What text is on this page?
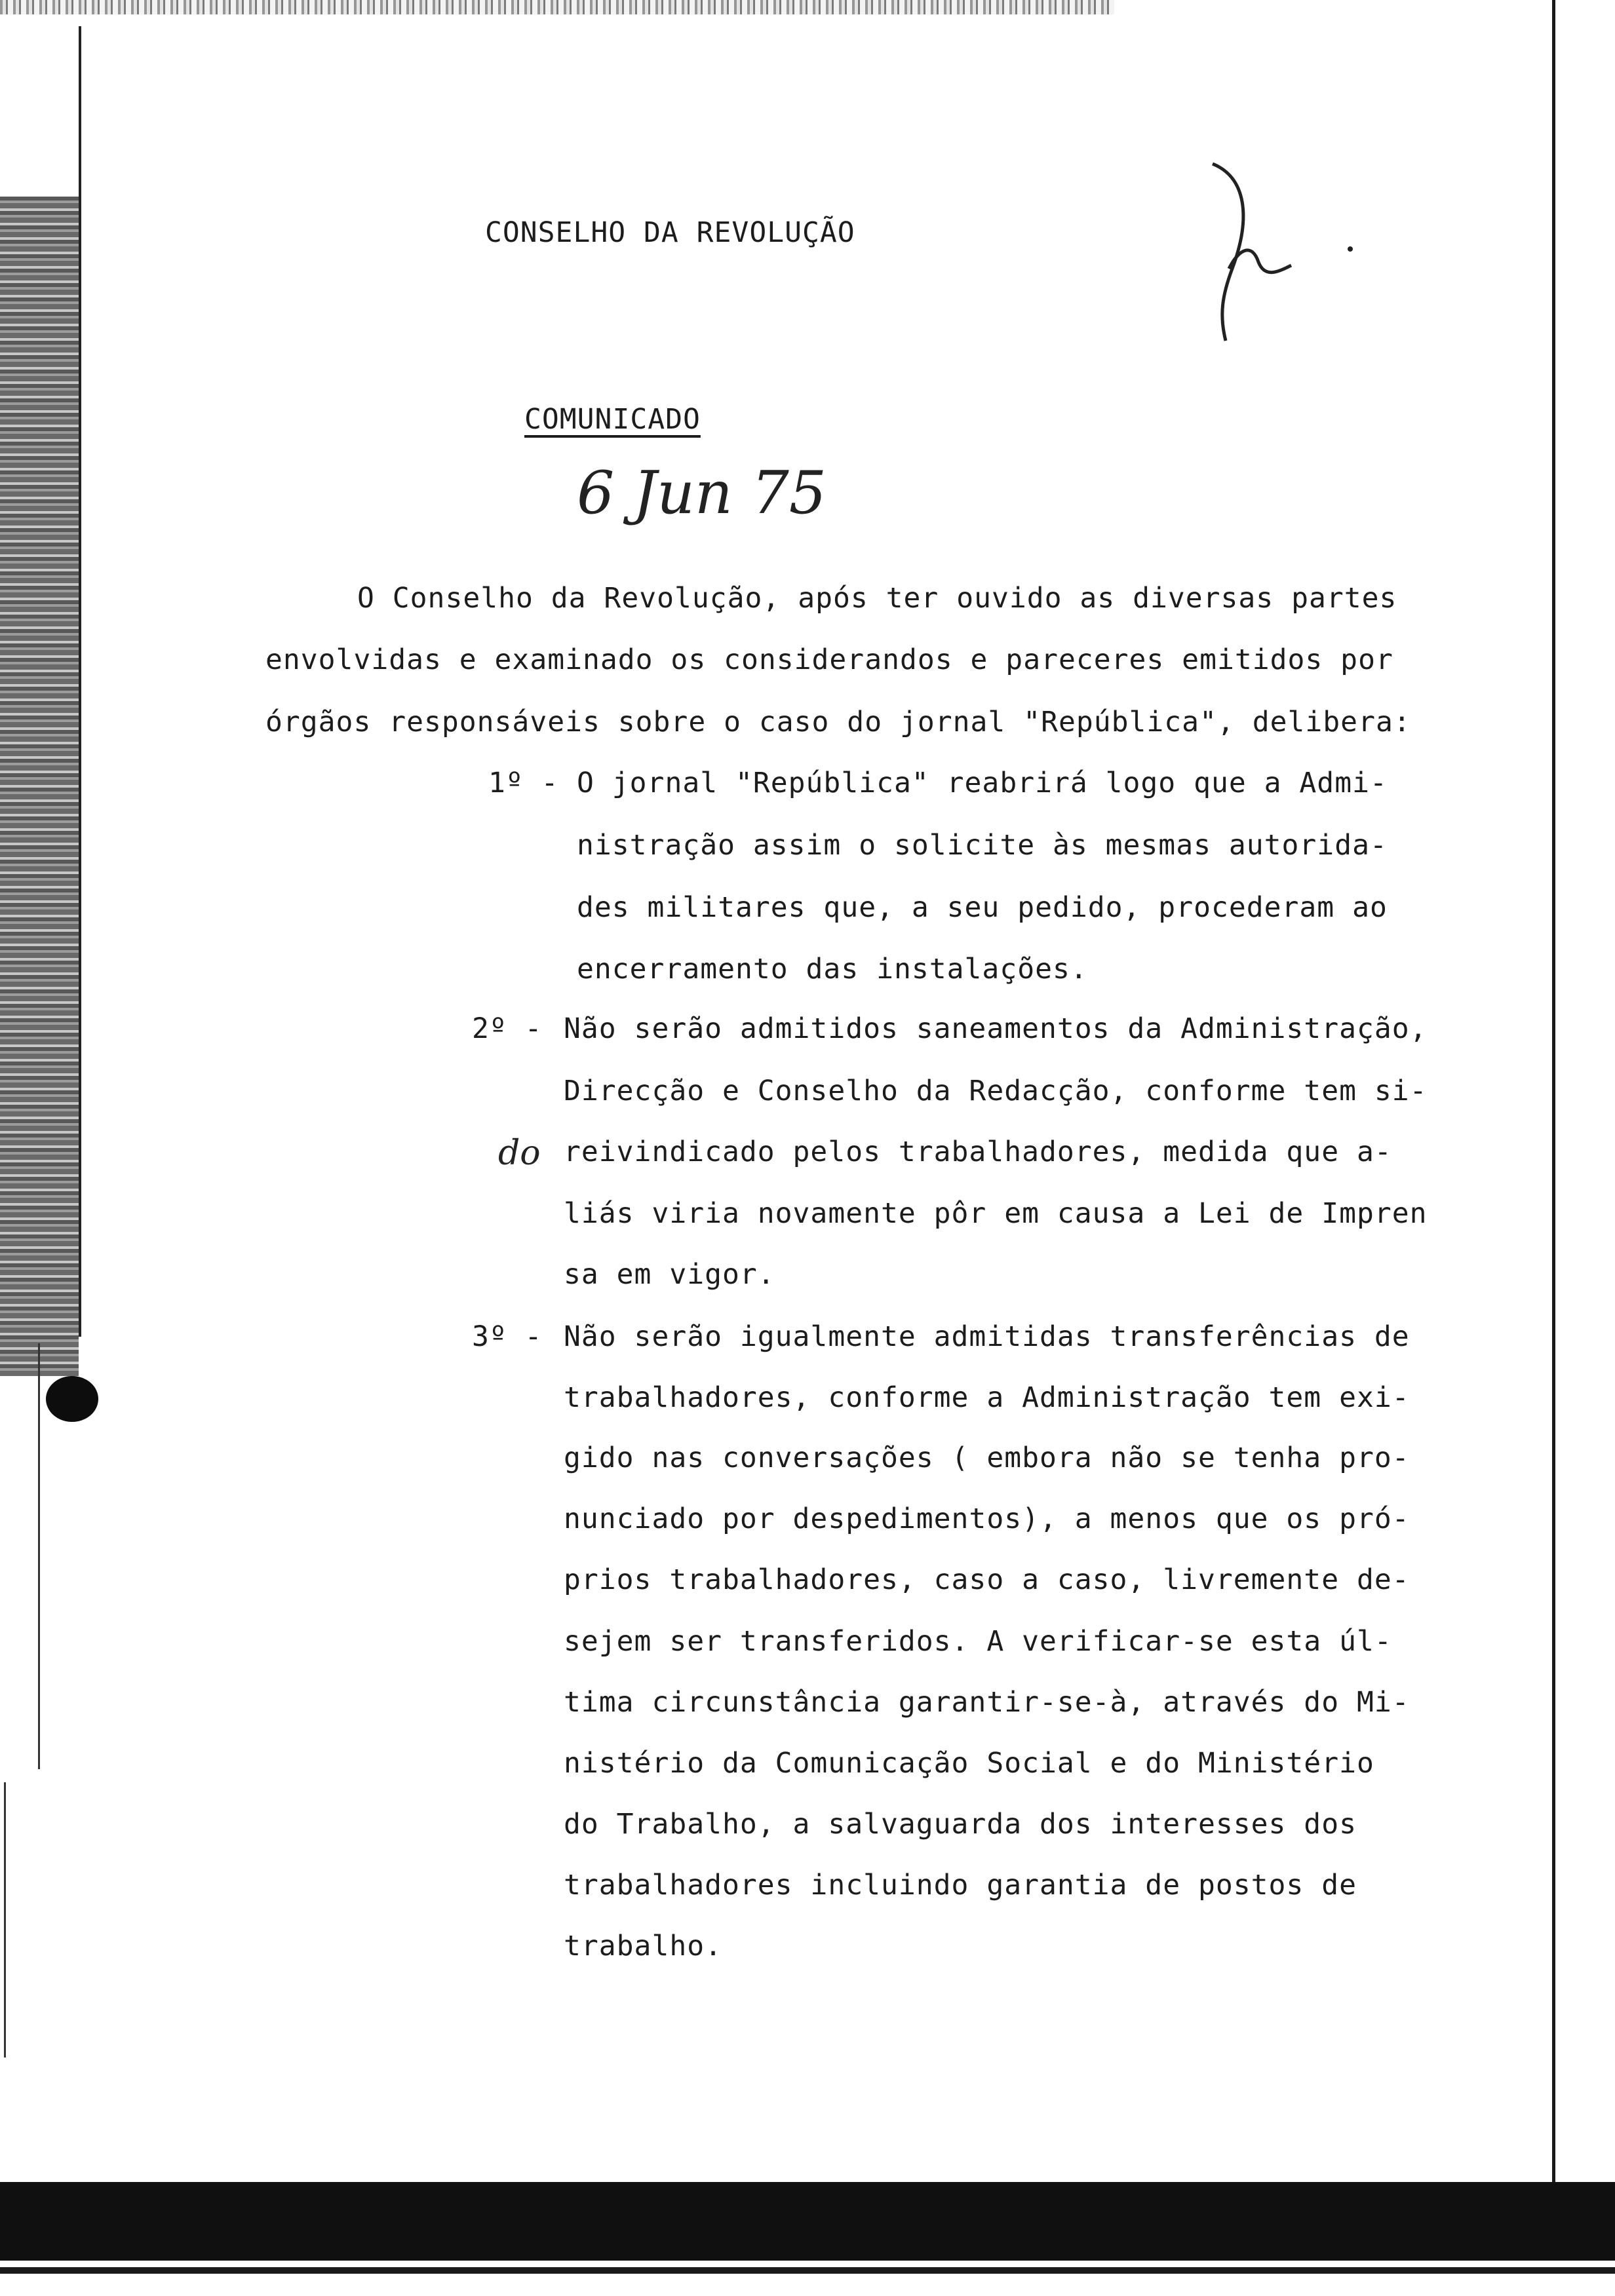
CONSELHO DA REVOLUÇÃO
COMUNICADO
6 Jun 75
O Conselho da Revolução, após ter ouvido as diversas partes
envolvidas e examinado os considerandos e pareceres emitidos por
órgãos responsáveis sobre o caso do jornal "República", delibera:
1º - O jornal "República" reabrirá logo que a Admi-
nistração assim o solicite às mesmas autorida-
des militares que, a seu pedido, procederam ao
encerramento das instalações.
2º - Não serão admitidos saneamentos da Administração,
Direcção e Conselho da Redacção, conforme tem si-
do reivindicado pelos trabalhadores, medida que a-
liás viria novamente pôr em causa a Lei de Impren
sa em vigor.
3º - Não serão igualmente admitidas transferências de
trabalhadores, conforme a Administração tem exi-
gido nas conversações ( embora não se tenha pro-
nunciado por despedimentos), a menos que os pró-
prios trabalhadores, caso a caso, livremente de-
sejem ser transferidos. A verificar-se esta úl-
tima circunstância garantir-se-à, através do Mi-
nistério da Comunicação Social e do Ministério
do Trabalho, a salvaguarda dos interesses dos
trabalhadores incluindo garantia de postos de
trabalho.
